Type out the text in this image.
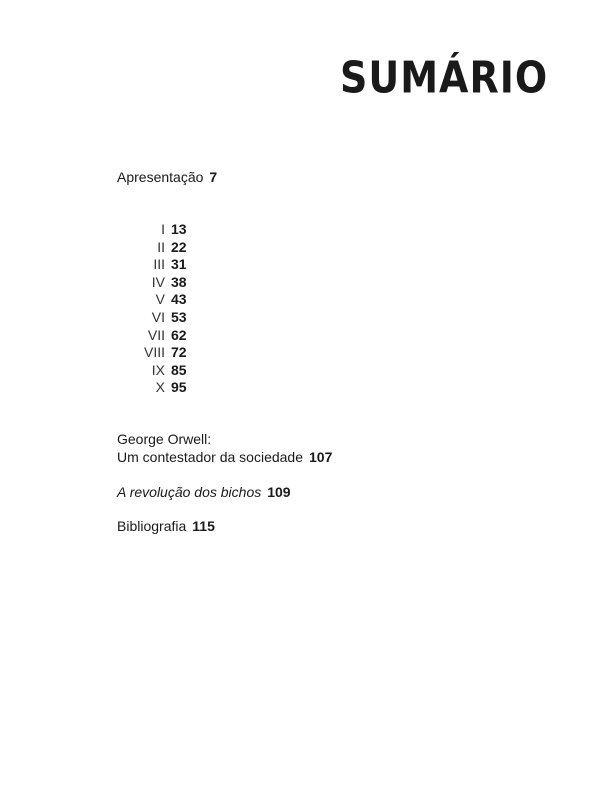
SUMÁRIO
Apresentação 7
I 13
II 22
III 31
IV 38
V 43
VI 53
VII 62
VIII 72
IX 85
X 95
George Orwell:
Um contestador da sociedade 107
A revolução dos bichos 109
Bibliografia 115
